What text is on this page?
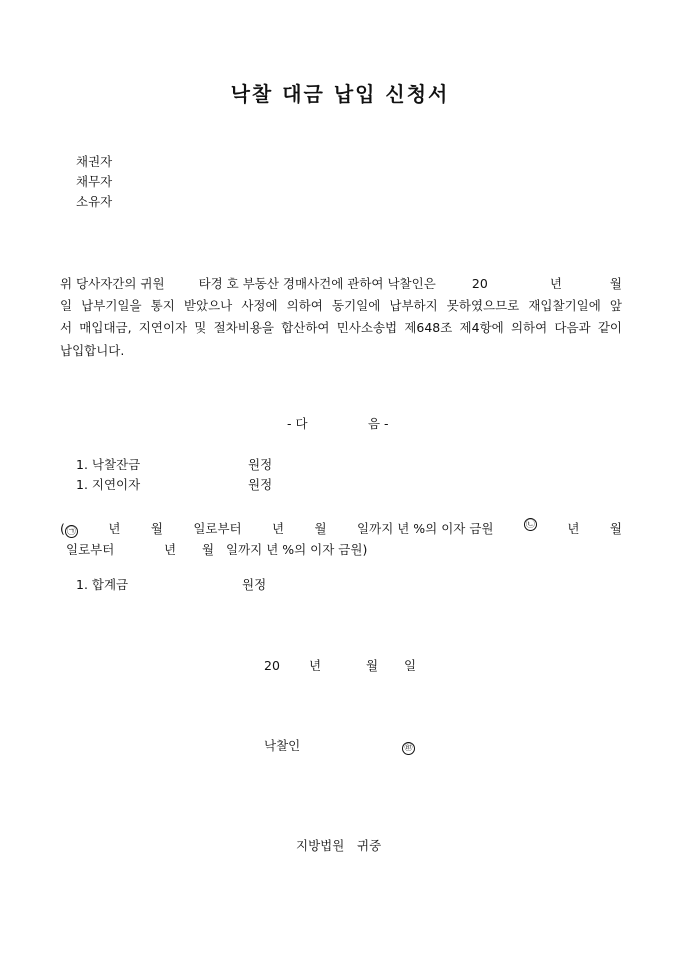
낙찰 대금 납입 신청서
채권자
채무자
소유자
위 당사자간의 귀원	타경 호 부동산 경매사건에 관하여 낙찰인은	20	년	월
일 납부기일을 통지 받았으나 사정에 의하여 동기일에 납부하지 못하였으므로 재입찰기일에 앞
서 매입대금, 지연이자 및 절차비용을 합산하여 민사소송법 제648조 제4항에 의하여 다음과 같이
납입합니다.
- 다	음 -
1. 낙찰잔금	원정
1. 지연이자	원정
( ㉠	년 월 일로부터 년 월 일까지 년 %의 이자 금원	㉡	년 월
일로부터	년	월 일까지 년 %의 이자 금원)
1. 합계금	원정
20 년	월 일
낙찰인	㊞
지방법원 귀중
